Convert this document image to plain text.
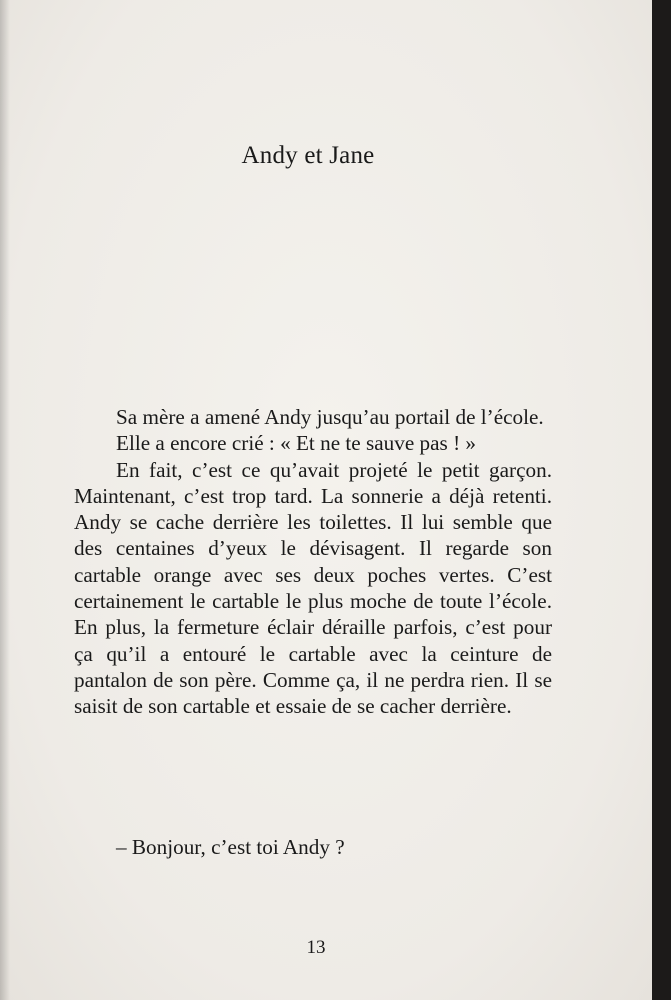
Andy et Jane

Sa mère a amené Andy jusqu’au portail de l’école.

Elle a encore crié : « Et ne te sauve pas ! »

En fait, c’est ce qu’avait projeté le petit garçon. Maintenant, c’est trop tard. La sonnerie a déjà retenti. Andy se cache derrière les toilettes. Il lui semble que des centaines d’yeux le dévisagent. Il regarde son cartable orange avec ses deux poches vertes. C’est certainement le cartable le plus moche de toute l’école. En plus, la fermeture éclair déraille parfois, c’est pour ça qu’il a entouré le cartable avec la ceinture de pantalon de son père. Comme ça, il ne perdra rien. Il se saisit de son cartable et essaie de se cacher derrière.

– Bonjour, c’est toi Andy ?

13
